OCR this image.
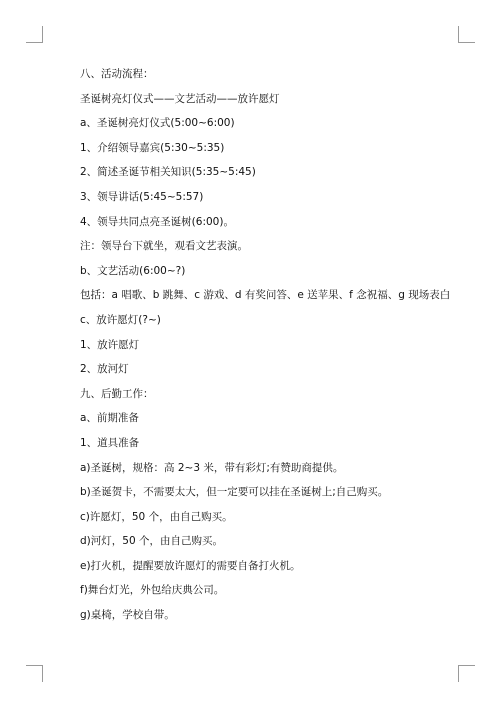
八、活动流程：
圣诞树亮灯仪式——文艺活动——放许愿灯
a、圣诞树亮灯仪式(5:00~6:00)
1、介绍领导嘉宾(5:30~5:35)
2、简述圣诞节相关知识(5:35~5:45)
3、领导讲话(5:45~5:57)
4、领导共同点亮圣诞树(6:00)。
注：领导台下就坐，观看文艺表演。
b、文艺活动(6:00~?)
包括：a 唱歌、b 跳舞、c 游戏、d 有奖问答、e 送苹果、f 念祝福、g 现场表白
c、放许愿灯(?~)
1、放许愿灯
2、放河灯
九、后勤工作：
a、前期准备
1、道具准备
a)圣诞树，规格：高 2~3 米，带有彩灯;有赞助商提供。
b)圣诞贺卡，不需要太大，但一定要可以挂在圣诞树上;自己购买。
c)许愿灯，50 个，由自己购买。
d)河灯，50 个，由自己购买。
e)打火机，提醒要放许愿灯的需要自备打火机。
f)舞台灯光，外包给庆典公司。
g)桌椅，学校自带。
